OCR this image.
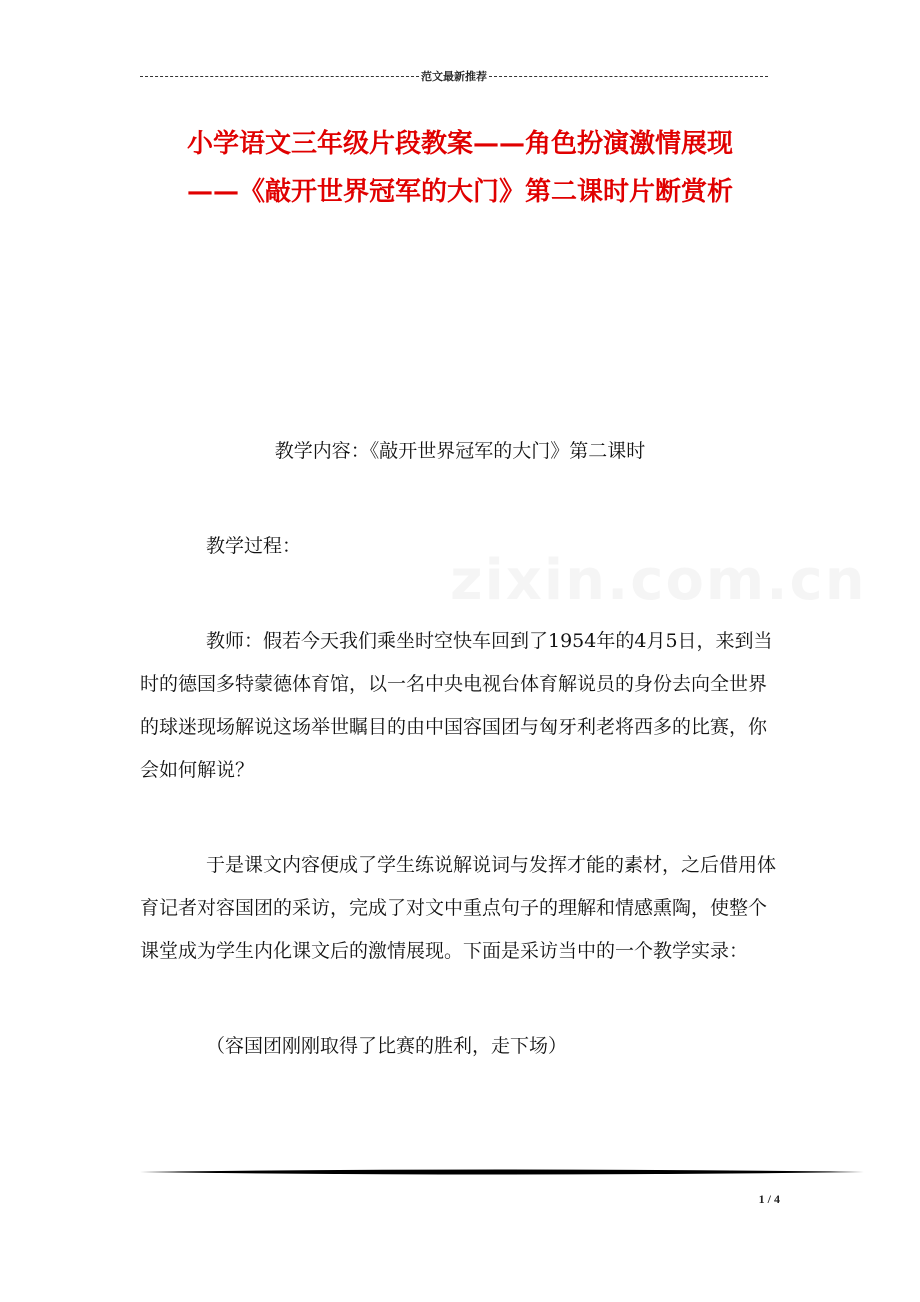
范文最新推荐
小学语文三年级片段教案——角色扮演激情展现
——《敲开世界冠军的大门》第二课时片断赏析

教学内容：《敲开世界冠军的大门》第二课时

教学过程：

教师：假若今天我们乘坐时空快车回到了1954年的4月5日，来到当时的德国多特蒙德体育馆，以一名中央电视台体育解说员的身份去向全世界的球迷现场解说这场举世瞩目的由中国容国团与匈牙利老将西多的比赛，你会如何解说？

于是课文内容便成了学生练说解说词与发挥才能的素材，之后借用体育记者对容国团的采访，完成了对文中重点句子的理解和情感熏陶，使整个课堂成为学生内化课文后的激情展现。下面是采访当中的一个教学实录：

（容国团刚刚取得了比赛的胜利，走下场）

1 / 4
